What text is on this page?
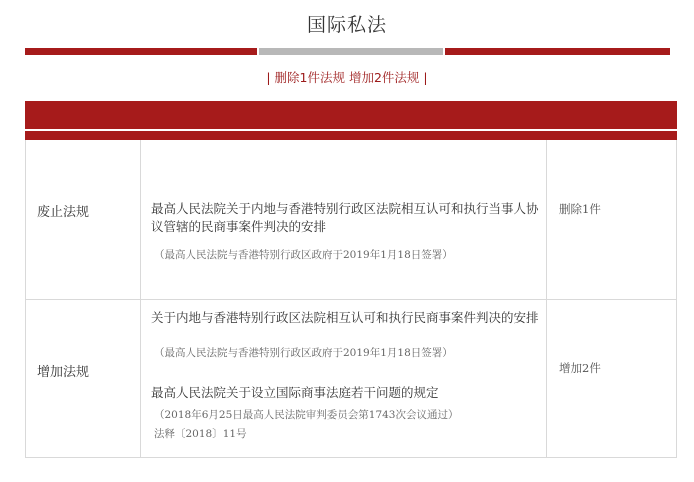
国际私法
| 删除1件法规 增加2件法规 |
废止法规	最高人民法院关于内地与香港特别行政区法院相互认可和执行当事人协议管辖的民商事案件判决的安排
（最高人民法院与香港特别行政区政府于2019年1月18日签署）
删除1件
增加法规
关于内地与香港特别行政区法院相互认可和执行民商事案件判决的安排
（最高人民法院与香港特别行政区政府于2019年1月18日签署）
最高人民法院关于设立国际商事法庭若干问题的规定
（2018年6月25日最高人民法院审判委员会第1743次会议通过）
法释〔2018〕11号
增加2件
